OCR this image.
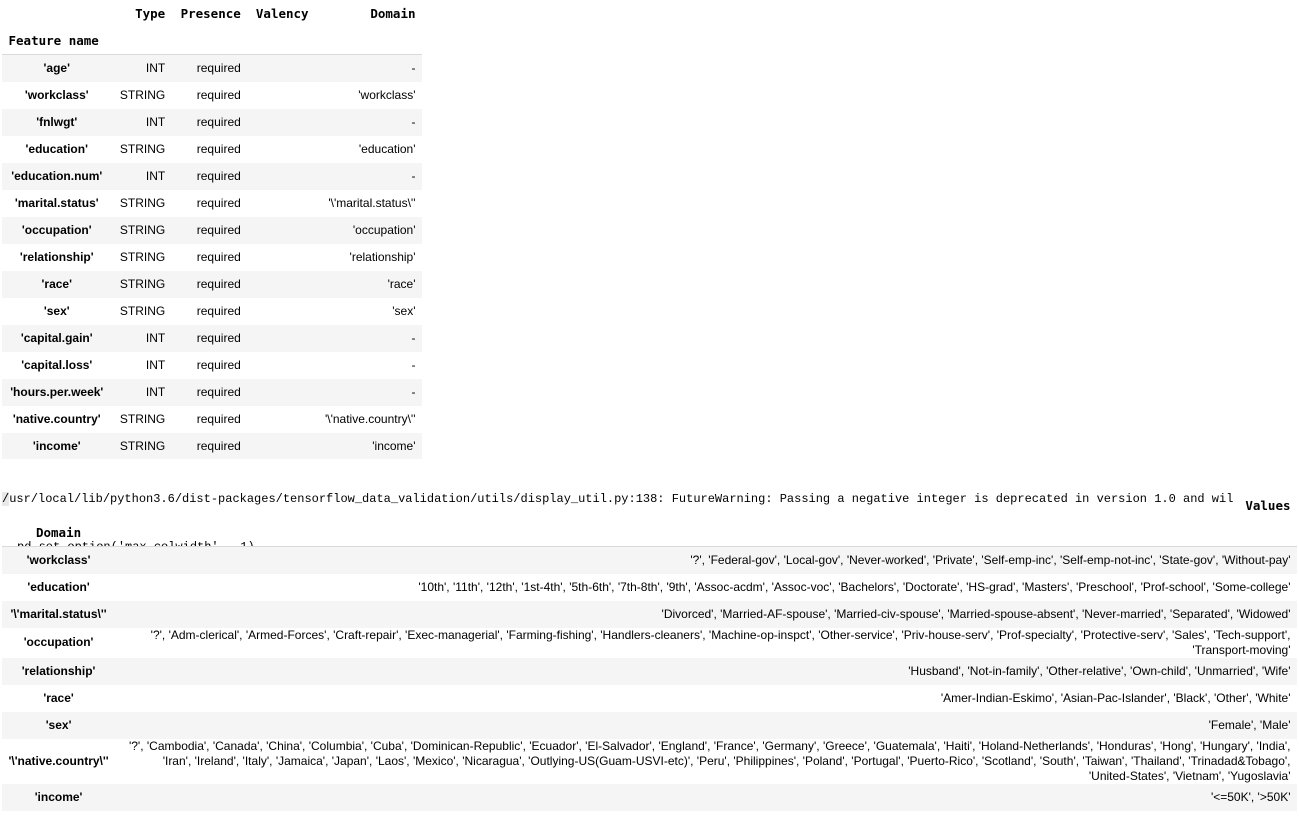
	Type	Presence	Valency	Domain
Feature name				
'age'	INT	required		-
'workclass'	STRING	required		'workclass'
'fnlwgt'	INT	required		-
'education'	STRING	required		'education'
'education.num'	INT	required		-
'marital.status'	STRING	required		'\'marital.status\''
'occupation'	STRING	required		'occupation'
'relationship'	STRING	required		'relationship'
'race'	STRING	required		'race'
'sex'	STRING	required		'sex'
'capital.gain'	INT	required		-
'capital.loss'	INT	required		-
'hours.per.week'	INT	required		-
'native.country'	STRING	required		'\'native.country\''
'income'	STRING	required		'income'

/usr/local/lib/python3.6/dist-packages/tensorflow_data_validation/utils/display_util.py:138: FutureWarning: Passing a negative integer is deprecated in version 1.0 and wil

pd.set_option('max_colwidth', -1)

	Values
Domain	
'workclass'	'?', 'Federal-gov', 'Local-gov', 'Never-worked', 'Private', 'Self-emp-inc', 'Self-emp-not-inc', 'State-gov', 'Without-pay'
'education'	'10th', '11th', '12th', '1st-4th', '5th-6th', '7th-8th', '9th', 'Assoc-acdm', 'Assoc-voc', 'Bachelors', 'Doctorate', 'HS-grad', 'Masters', 'Preschool', 'Prof-school', 'Some-college'
'\'marital.status\''	'Divorced', 'Married-AF-spouse', 'Married-civ-spouse', 'Married-spouse-absent', 'Never-married', 'Separated', 'Widowed'
'occupation'	'?', 'Adm-clerical', 'Armed-Forces', 'Craft-repair', 'Exec-managerial', 'Farming-fishing', 'Handlers-cleaners', 'Machine-op-inspct', 'Other-service', 'Priv-house-serv', 'Prof-specialty', 'Protective-serv', 'Sales', 'Tech-support', 'Transport-moving'
'relationship'	'Husband', 'Not-in-family', 'Other-relative', 'Own-child', 'Unmarried', 'Wife'
'race'	'Amer-Indian-Eskimo', 'Asian-Pac-Islander', 'Black', 'Other', 'White'
'sex'	'Female', 'Male'
'\'native.country\''	'?', 'Cambodia', 'Canada', 'China', 'Columbia', 'Cuba', 'Dominican-Republic', 'Ecuador', 'El-Salvador', 'England', 'France', 'Germany', 'Greece', 'Guatemala', 'Haiti', 'Holand-Netherlands', 'Honduras', 'Hong', 'Hungary', 'India', 'Iran', 'Ireland', 'Italy', 'Jamaica', 'Japan', 'Laos', 'Mexico', 'Nicaragua', 'Outlying-US(Guam-USVI-etc)', 'Peru', 'Philippines', 'Poland', 'Portugal', 'Puerto-Rico', 'Scotland', 'South', 'Taiwan', 'Thailand', 'Trinadad&Tobago', 'United-States', 'Vietnam', 'Yugoslavia'
'income'	'<=50K', '>50K'
